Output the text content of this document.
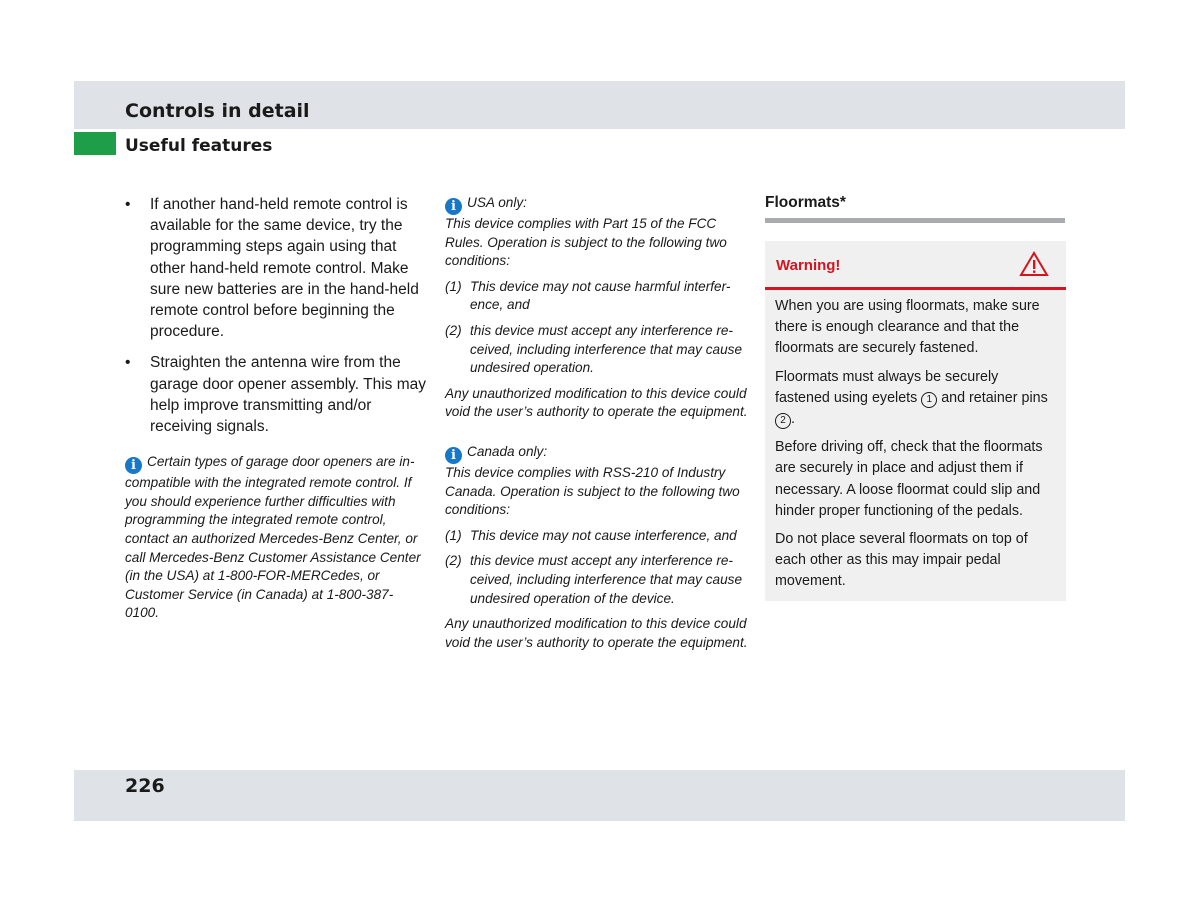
Controls in detail
Useful features
• If another hand-held remote control is available for the same device, try the programming steps again using that other hand-held remote control. Make sure new batteries are in the hand-held remote control before beginning the procedure.
• Straighten the antenna wire from the garage door opener assembly. This may help improve transmitting and/or receiving signals.

i Certain types of garage door openers are in-compatible with the integrated remote control. If you should experience further difficulties with programming the integrated remote control, contact an authorized Mercedes-Benz Center, or call Mercedes-Benz Customer Assistance Center (in the USA) at 1-800-FOR-MERCedes, or Customer Service (in Canada) at 1-800-387-0100.

i USA only:

This device complies with Part 15 of the FCC Rules. Operation is subject to the following two conditions:

(1) This device may not cause harmful interfer-ence, and
(2) this device must accept any interference re-ceived, including interference that may cause undesired operation.

Any unauthorized modification to this device could void the user’s authority to operate the equipment.

i Canada only:

This device complies with RSS-210 of Industry Canada. Operation is subject to the following two conditions:

(1) This device may not cause interference, and
(2) this device must accept any interference re-ceived, including interference that may cause undesired operation of the device.

Any unauthorized modification to this device could void the user’s authority to operate the equipment.

Floormats*
Warning!

When you are using floormats, make sure there is enough clearance and that the floormats are securely fastened.

Floormats must always be securely fastened using eyelets 1 and retainer pins 2 .

Before driving off, check that the floormats are securely in place and adjust them if necessary. A loose floormat could slip and hinder proper functioning of the pedals.

Do not place several floormats on top of each other as this may impair pedal movement.

226
